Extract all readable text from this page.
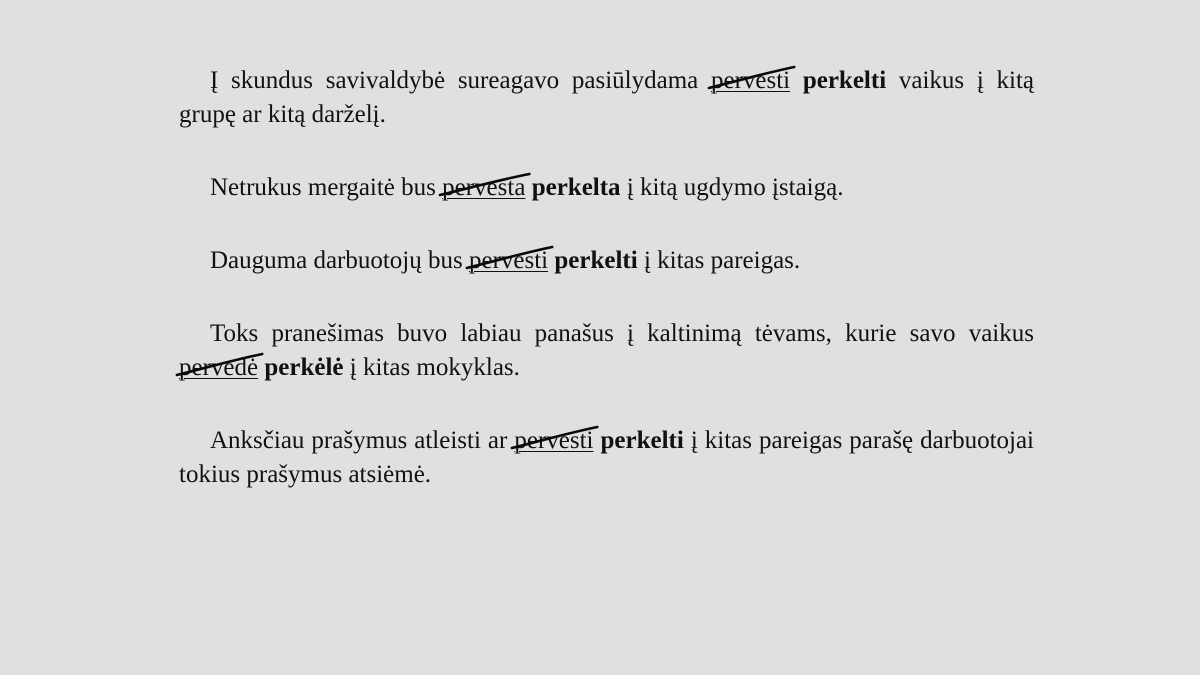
Į skundus savivaldybė sureagavo pasiūlydama pervesti perkelti vaikus į kitą grupę ar kitą darželį.

Netrukus mergaitė bus pervesta perkelta į kitą ugdymo įstaigą.

Dauguma darbuotojų bus pervesti perkelti į kitas pareigas.

Toks pranešimas buvo labiau panašus į kaltinimą tėvams, kurie savo vaikus pervedė perkėlė į kitas mokyklas.

Anksčiau prašymus atleisti ar pervesti perkelti į kitas pareigas parašę darbuotojai tokius prašymus atsiėmė.
